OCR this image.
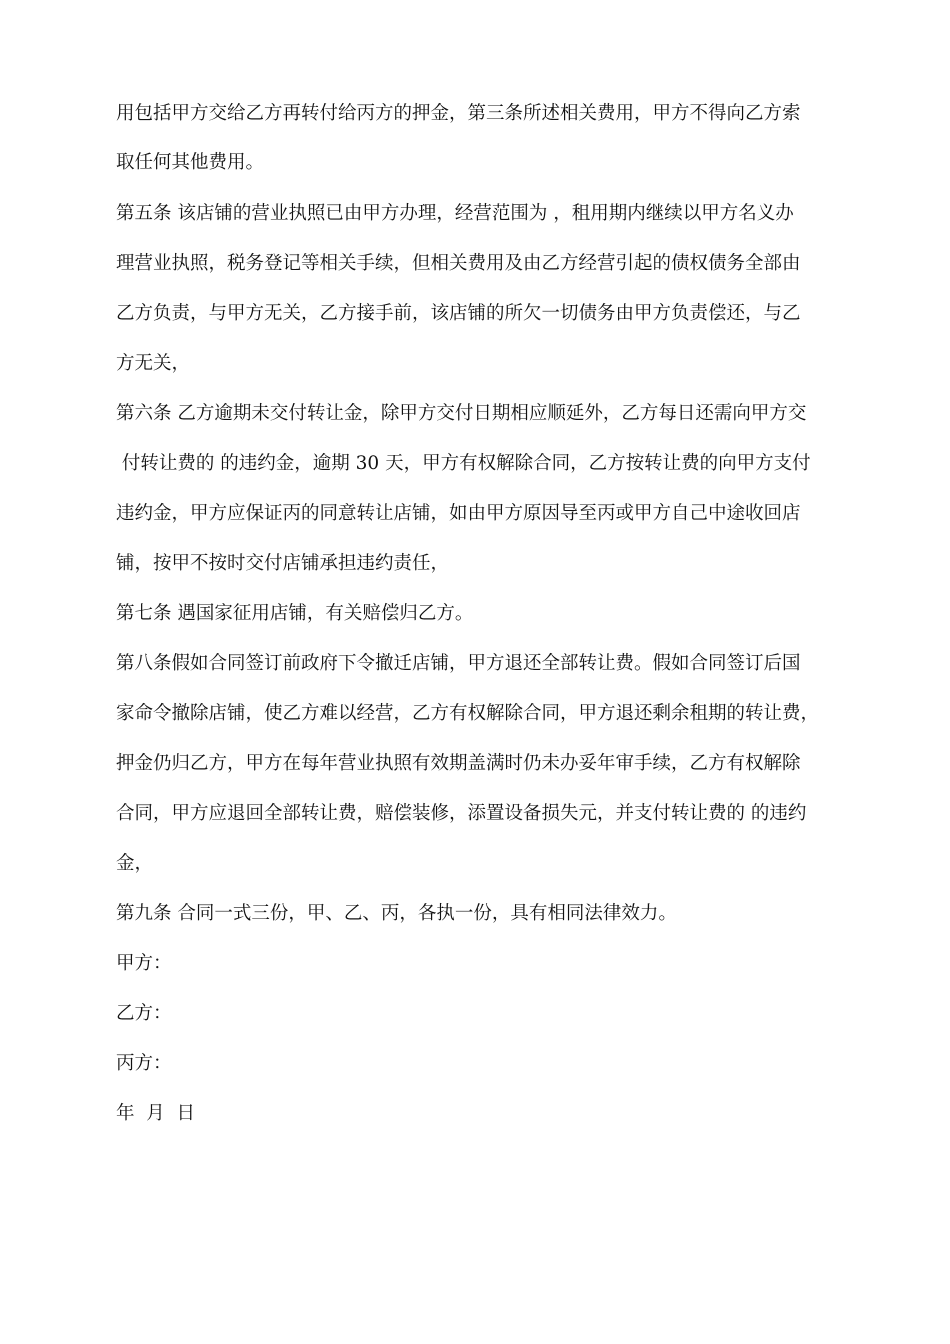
用包括甲方交给乙方再转付给丙方的押金，第三条所述相关费用，甲方不得向乙方索
取任何其他费用。
第五条 该店铺的营业执照已由甲方办理，经营范围为 ，租用期内继续以甲方名义办
理营业执照，税务登记等相关手续，但相关费用及由乙方经营引起的债权债务全部由
乙方负责，与甲方无关，乙方接手前，该店铺的所欠一切债务由甲方负责偿还，与乙
方无关，
第六条 乙方逾期未交付转让金，除甲方交付日期相应顺延外，乙方每日还需向甲方交
付转让费的 的违约金，逾期 30 天，甲方有权解除合同，乙方按转让费的向甲方支付
违约金，甲方应保证丙的同意转让店铺，如由甲方原因导至丙或甲方自己中途收回店
铺，按甲不按时交付店铺承担违约责任，
第七条 遇国家征用店铺，有关赔偿归乙方。
第八条假如合同签订前政府下令撤迁店铺，甲方退还全部转让费。假如合同签订后国
家命令撤除店铺，使乙方难以经营，乙方有权解除合同，甲方退还剩余租期的转让费，
押金仍归乙方，甲方在每年营业执照有效期盖满时仍未办妥年审手续，乙方有权解除
合同，甲方应退回全部转让费，赔偿装修，添置设备损失元，并支付转让费的 的违约
金，
第九条 合同一式三份，甲、乙、丙，各执一份，具有相同法律效力。
甲方：
乙方：
丙方：
年  月  日
